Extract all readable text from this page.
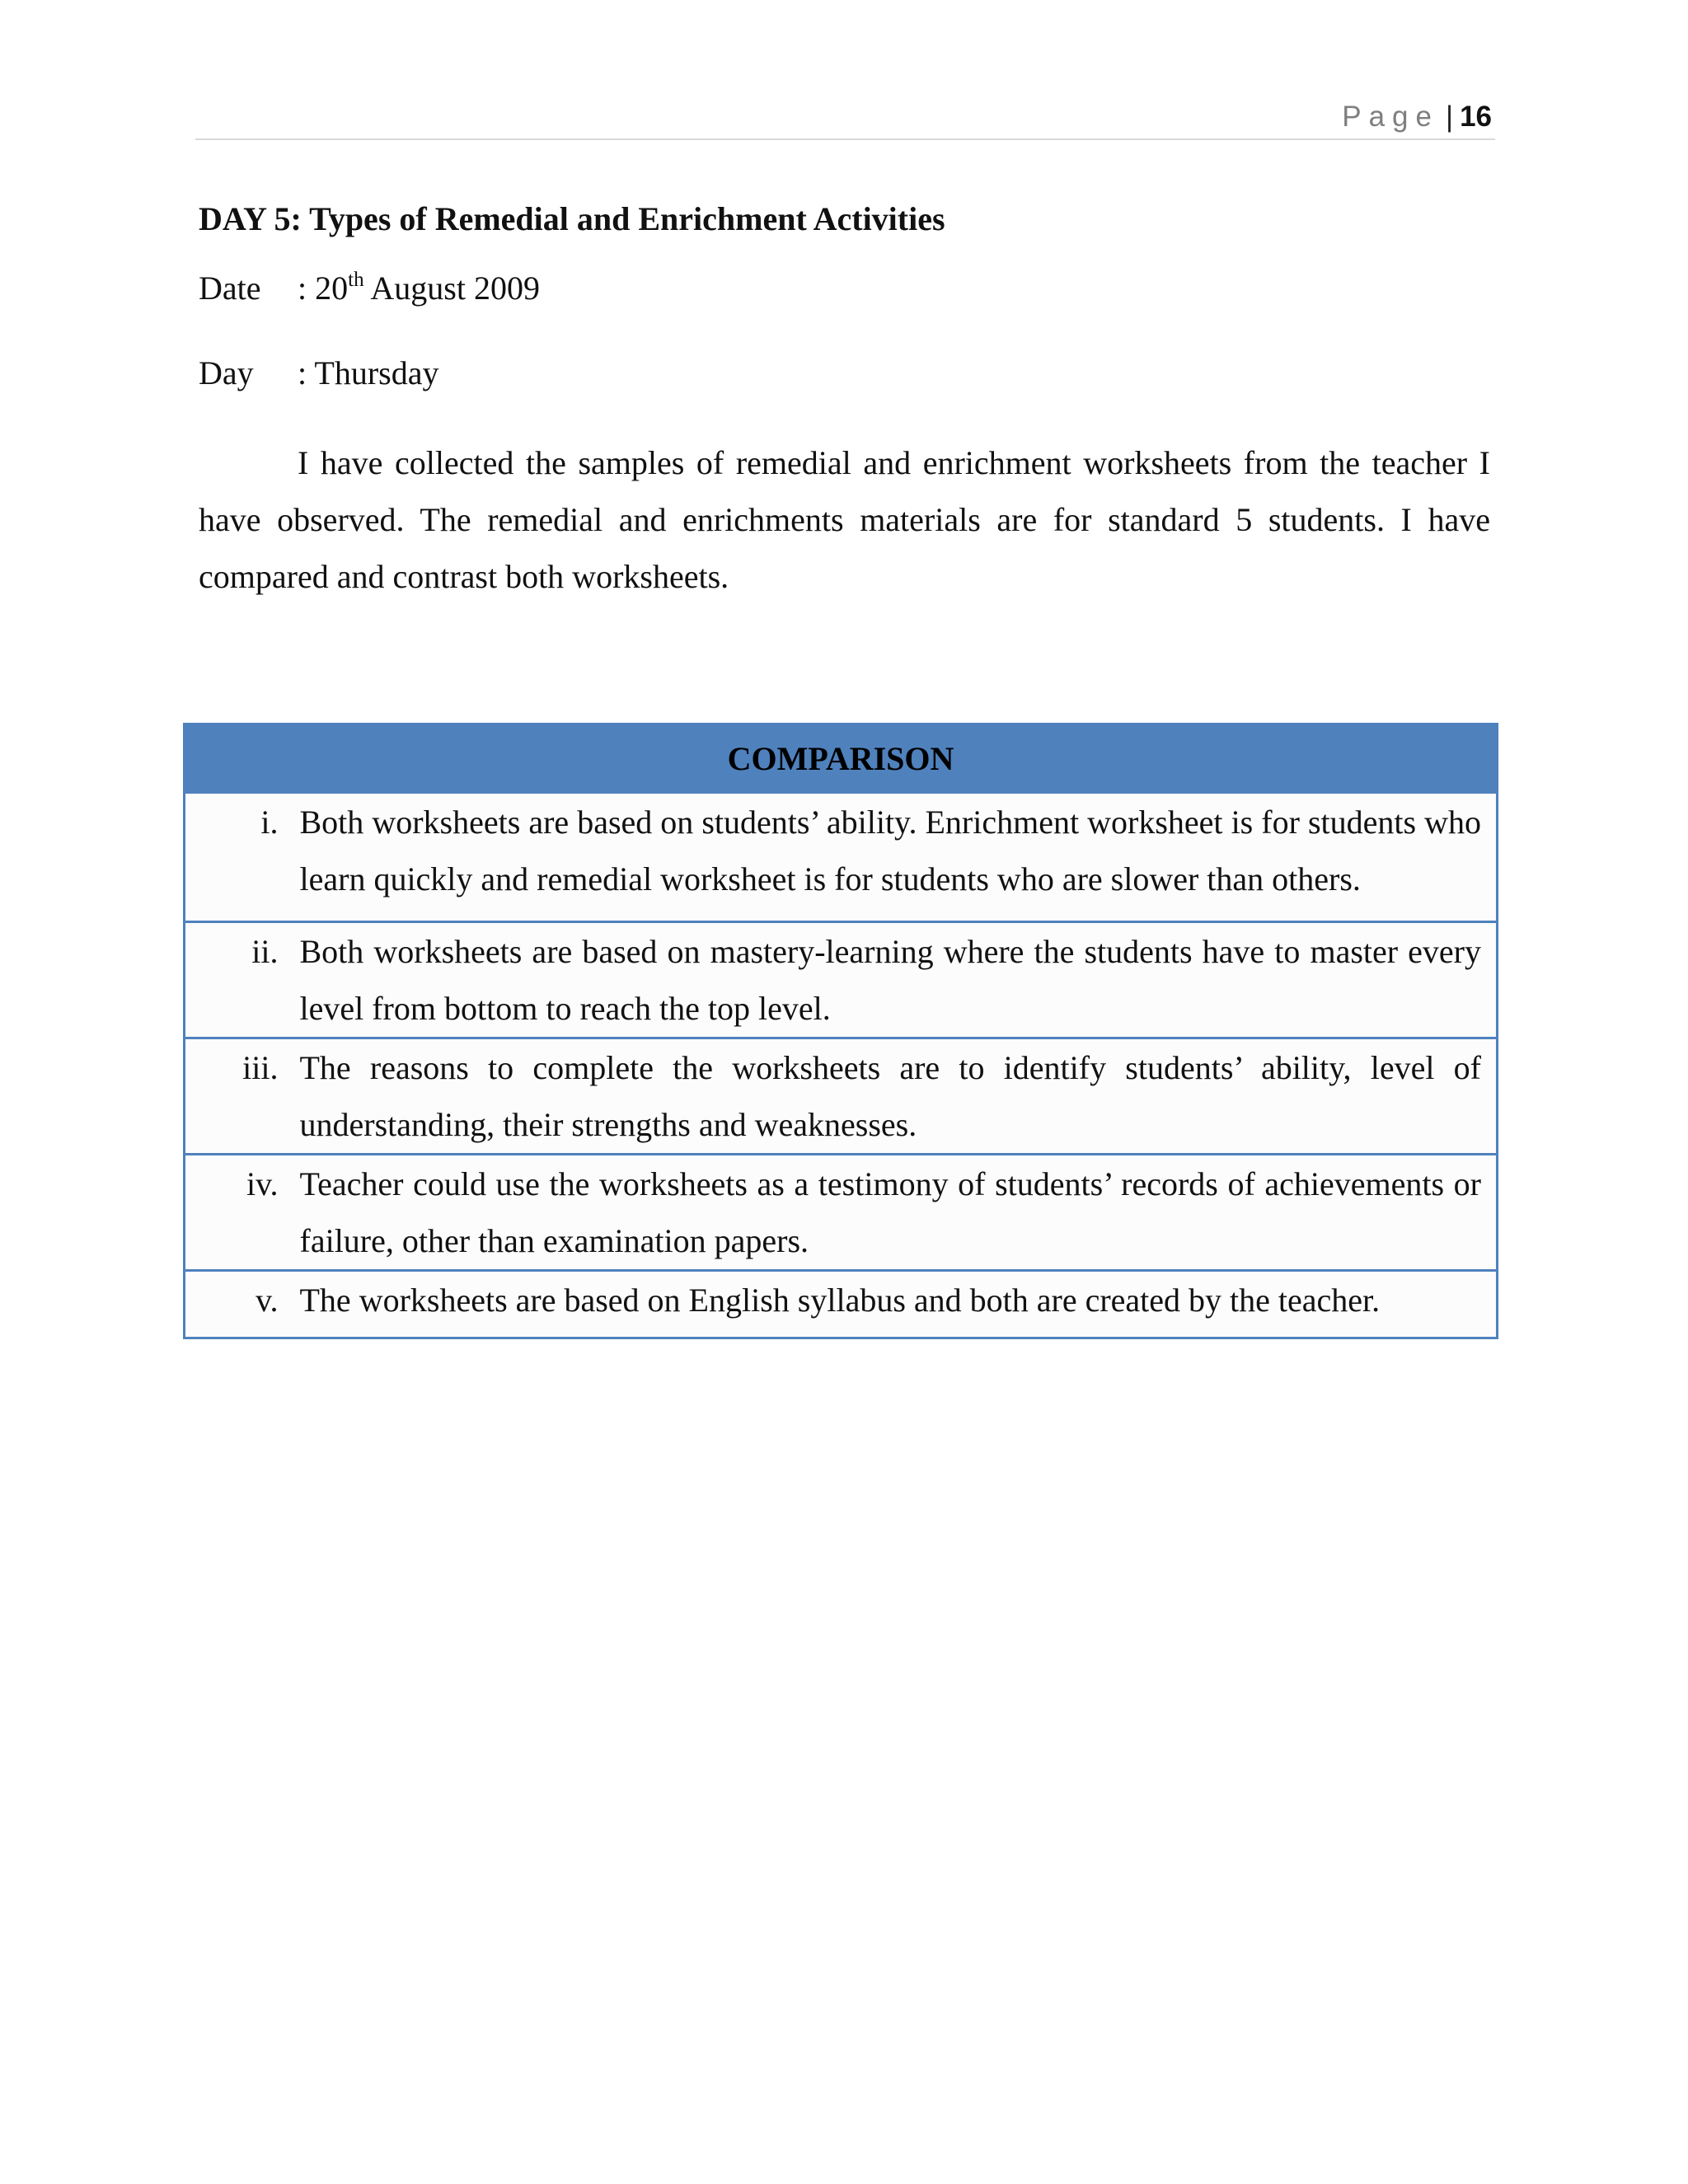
Page | 16
DAY 5: Types of Remedial and Enrichment Activities
Date : 20th August 2009
Day : Thursday

I have collected the samples of remedial and enrichment worksheets from the teacher I have observed. The remedial and enrichments materials are for standard 5 students. I have compared and contrast both worksheets.

COMPARISON	
i.	Both worksheets are based on students’ ability. Enrichment worksheet is for students who learn quickly and remedial worksheet is for students who are slower than others.
ii.	Both worksheets are based on mastery-learning where the students have to master every level from bottom to reach the top level.
iii.	The reasons to complete the worksheets are to identify students’ ability, level of understanding, their strengths and weaknesses.
iv.	Teacher could use the worksheets as a testimony of students’ records of achievements or failure, other than examination papers.
v.	The worksheets are based on English syllabus and both are created by the teacher.
